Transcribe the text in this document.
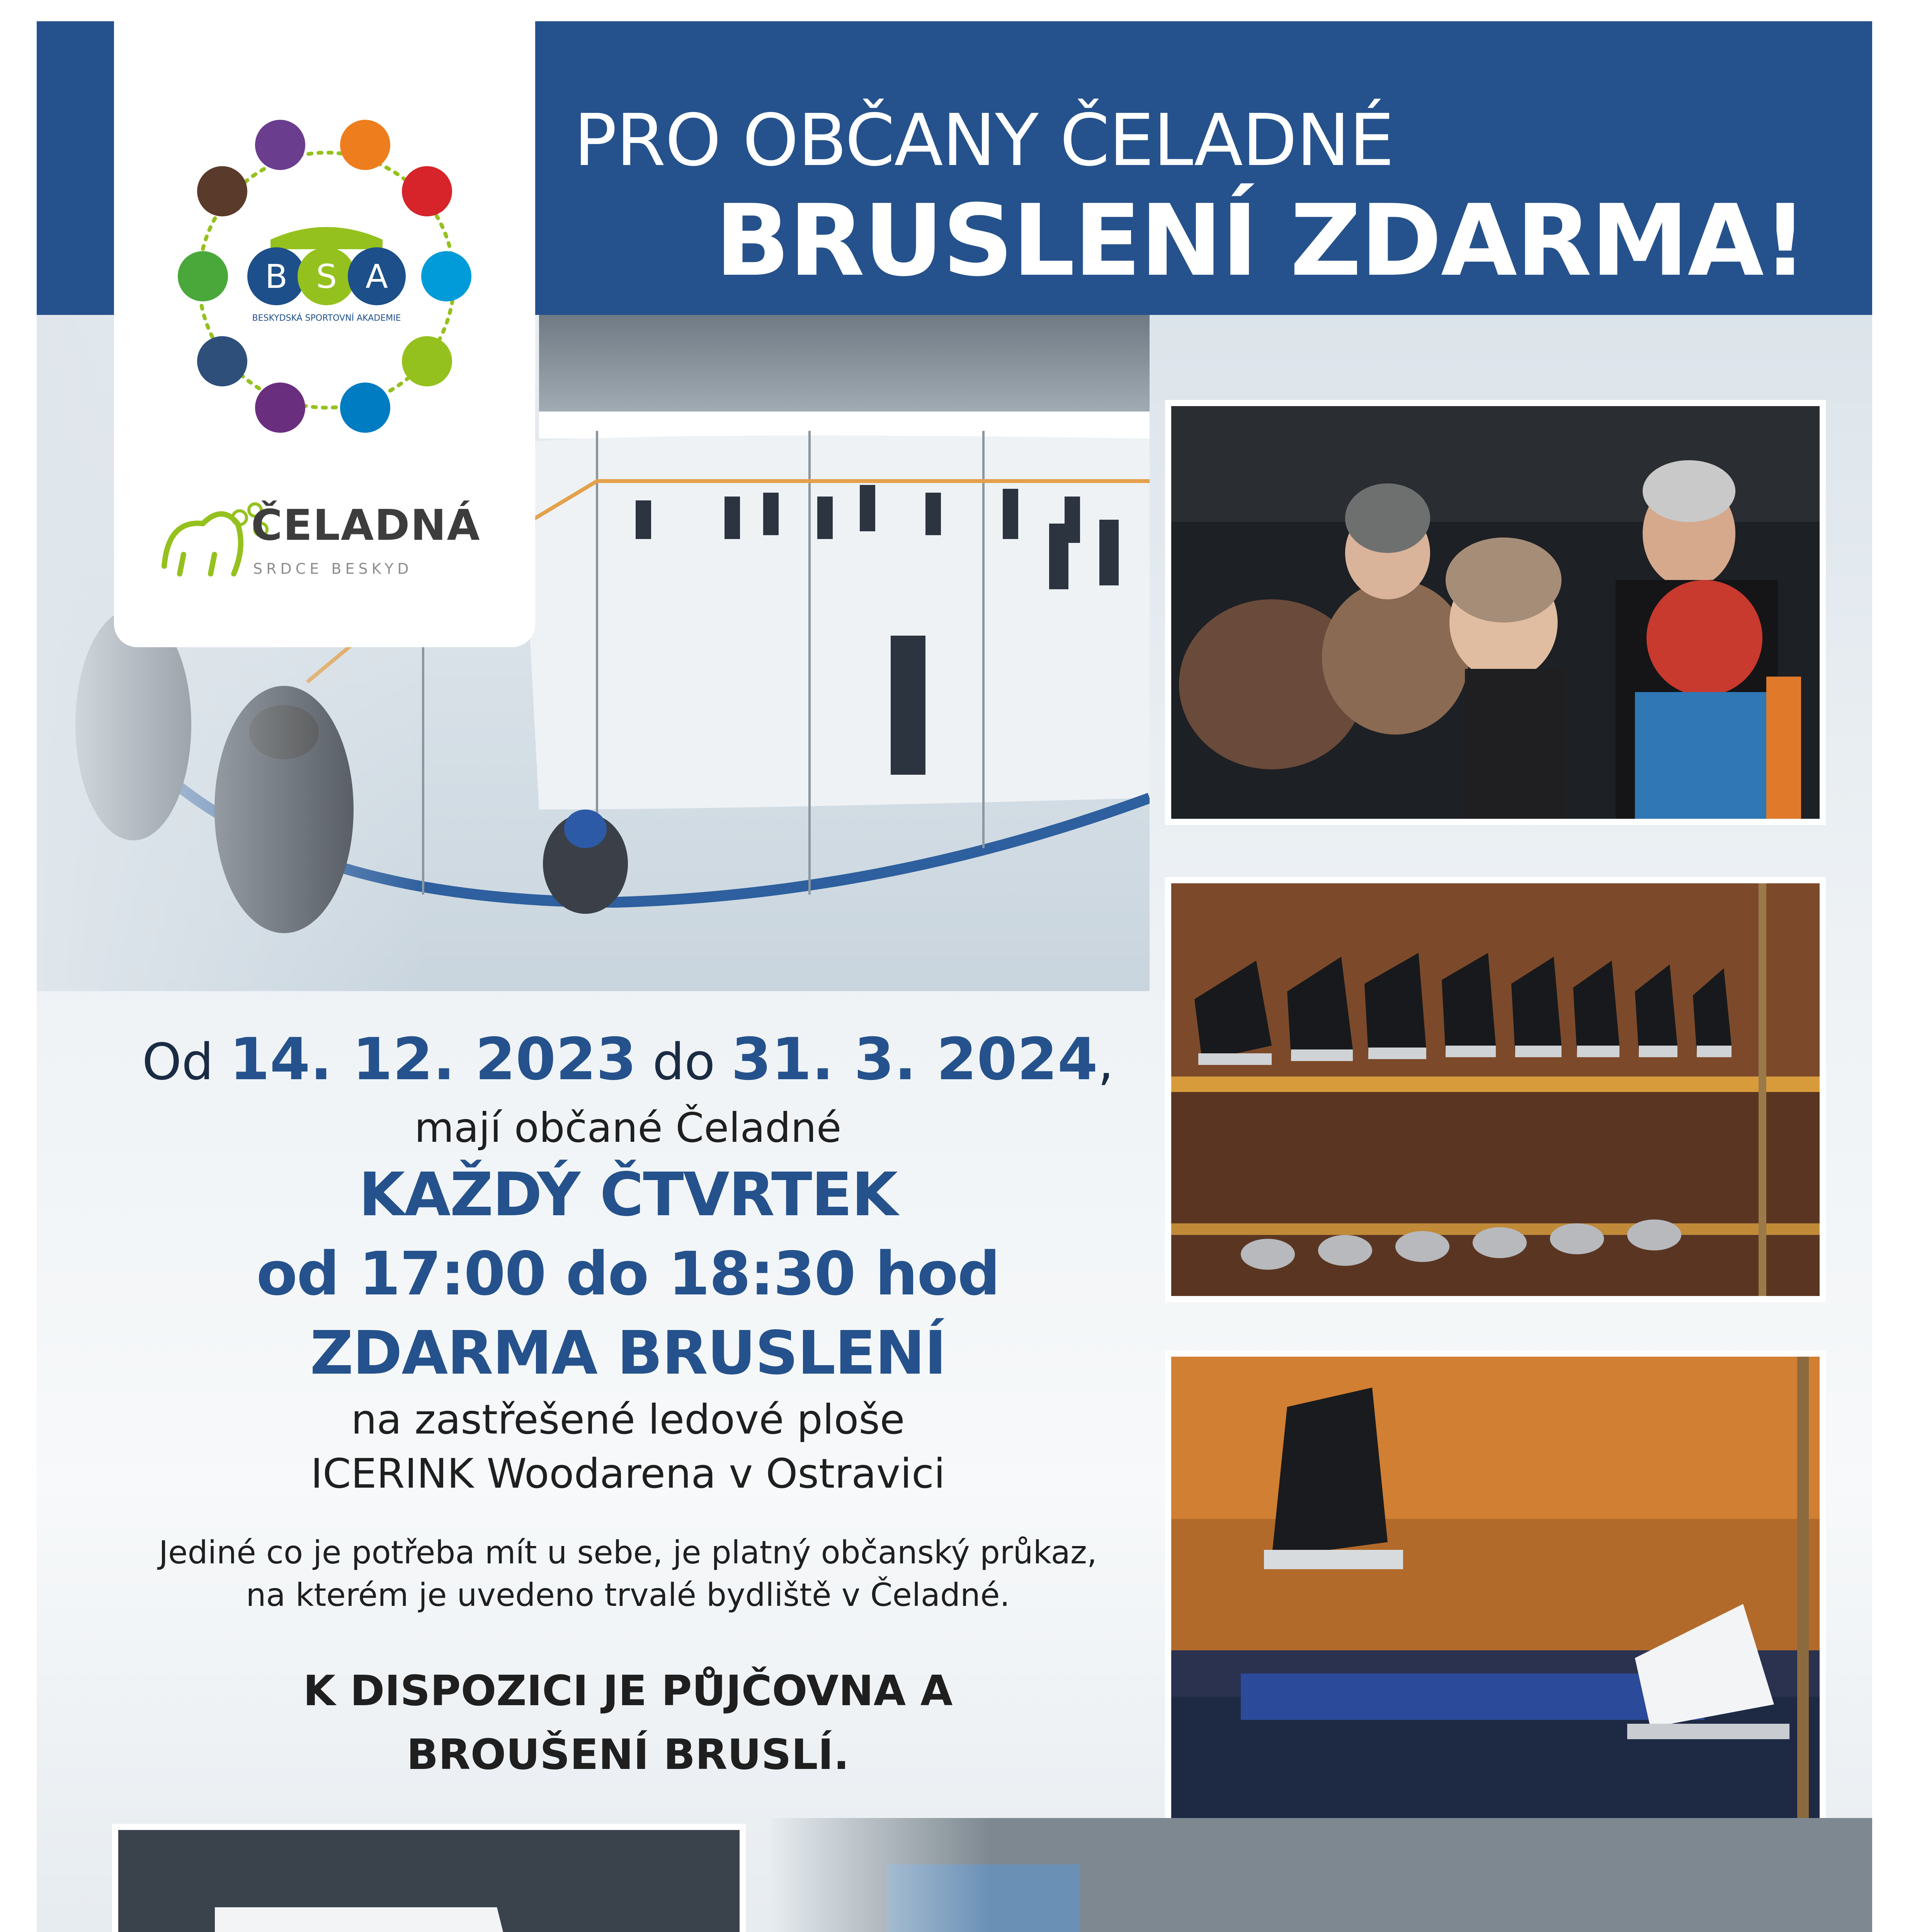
PRO OBČANY ČELADNÉ
BRUSLENÍ ZDARMA!
B S A
BESKYDSKÁ SPORTOVNÍ AKADEMIE
ČELADNÁ
SRDCE BESKYD
Od 14. 12. 2023 do 31. 3. 2024,
mají občané Čeladné
KAŽDÝ ČTVRTEK
od 17:00 do 18:30 hod
ZDARMA BRUSLENÍ
na zastřešené ledové ploše
ICERINK Woodarena v Ostravici
Jediné co je potřeba mít u sebe, je platný občanský průkaz,
na kterém je uvedeno trvalé bydliště v Čeladné.
K DISPOZICI JE PŮJČOVNA A
BROUŠENÍ BRUSLÍ.
